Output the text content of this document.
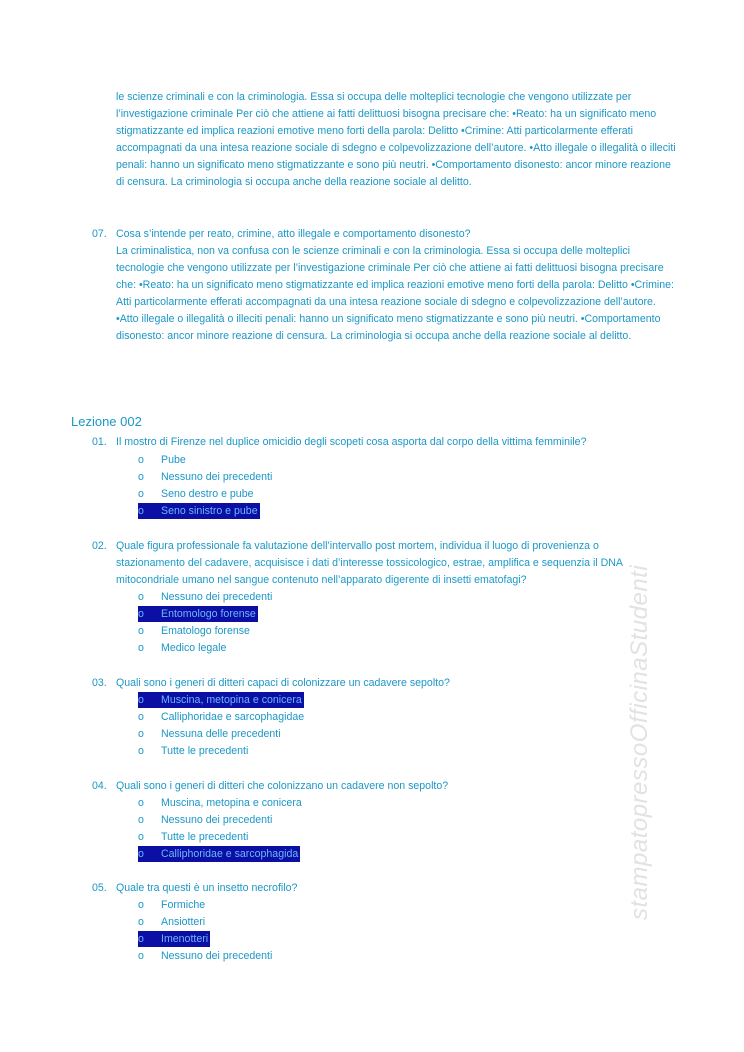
le scienze criminali e con la criminologia. Essa si occupa delle molteplici tecnologie che vengono utilizzate per l’investigazione criminale Per ciò che attiene ai fatti delittuosi bisogna precisare che: •Reato: ha un significato meno stigmatizzante ed implica reazioni emotive meno forti della parola: Delitto •Crimine: Atti particolarmente efferati accompagnati da una intesa reazione sociale di sdegno e colpevolizzazione dell’autore. •Atto illegale o illegalità o illeciti penali: hanno un significato meno stigmatizzante e sono più neutri. •Comportamento disonesto: ancor minore reazione di censura. La criminologia si occupa anche della reazione sociale al delitto.
07. Cosa s’intende per reato, crimine, atto illegale e comportamento disonesto?
La criminalistica, non va confusa con le scienze criminali e con la criminologia. Essa si occupa delle molteplici tecnologie che vengono utilizzate per l’investigazione criminale Per ciò che attiene ai fatti delittuosi bisogna precisare che: •Reato: ha un significato meno stigmatizzante ed implica reazioni emotive meno forti della parola: Delitto •Crimine: Atti particolarmente efferati accompagnati da una intesa reazione sociale di sdegno e colpevolizzazione dell’autore. •Atto illegale o illegalità o illeciti penali: hanno un significato meno stigmatizzante e sono più neutri. •Comportamento disonesto: ancor minore reazione di censura. La criminologia si occupa anche della reazione sociale al delitto.
Lezione 002
01. Il mostro di Firenze nel duplice omicidio degli scopeti cosa asporta dal corpo della vittima femminile?
o Pube
o Nessuno dei precedenti
o Seno destro e pube
o Seno sinistro e pube
02. Quale figura professionale fa valutazione dell’intervallo post mortem, individua il luogo di provenienza o
stazionamento del cadavere, acquisisce i dati d’interesse tossicologico, estrae, amplifica e sequenzia il DNA
mitocondriale umano nel sangue contenuto nell’apparato digerente di insetti ematofagi?
o Nessuno dei precedenti
o Entomologo forense
o Ematologo forense
o Medico legale
03. Quali sono i generi di ditteri capaci di colonizzare un cadavere sepolto?
o Muscina, metopina e conicera
o Calliphoridae e sarcophagidae
o Nessuna delle precedenti
o Tutte le precedenti
04. Quali sono i generi di ditteri che colonizzano un cadavere non sepolto?
o Muscina, metopina e conicera
o Nessuno dei precedenti
o Tutte le precedenti
o Calliphoridae e sarcophagida
05. Quale tra questi è un insetto necrofilo?
o Formiche
o Ansiotteri
o Imenotteri
o Nessuno dei precedenti
stampatopressoOfficinaStudenti
